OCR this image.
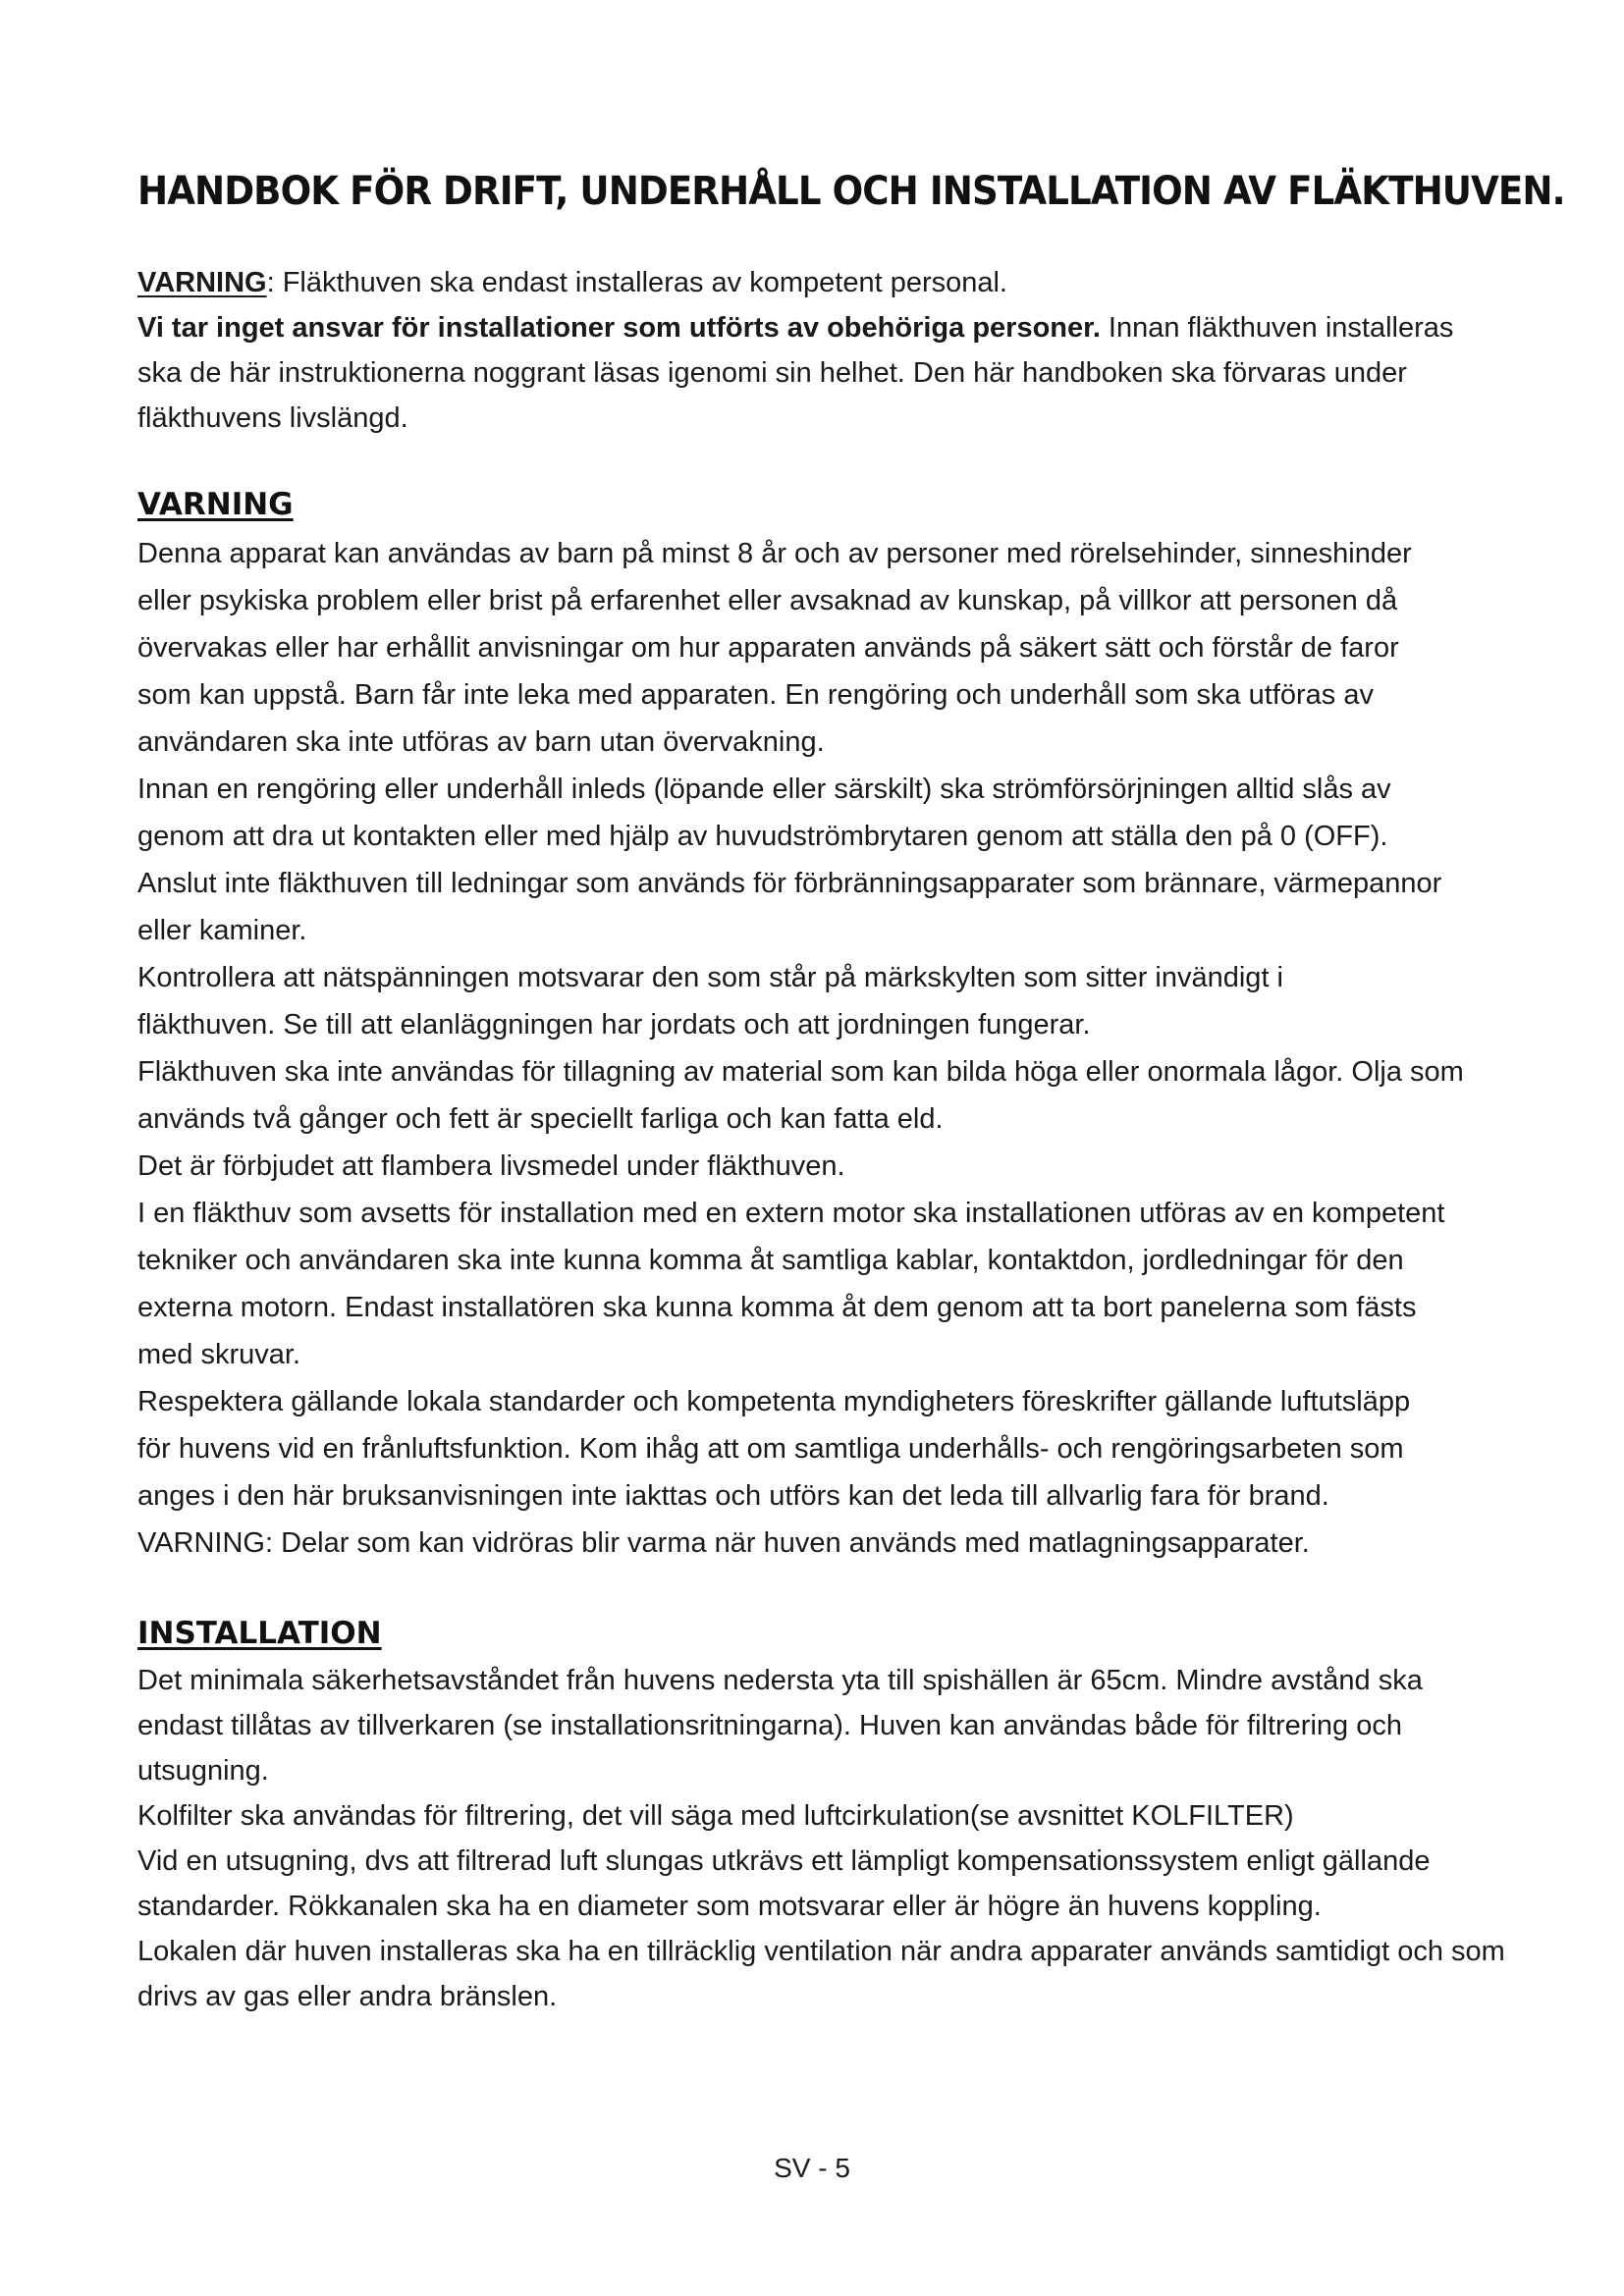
HANDBOK FÖR DRIFT, UNDERHÅLL OCH INSTALLATION AV FLÄKTHUVEN.
VARNING: Fläkthuven ska endast installeras av kompetent personal.
Vi tar inget ansvar för installationer som utförts av obehöriga personer. Innan fläkthuven installeras
ska de här instruktionerna noggrant läsas igenomi sin helhet. Den här handboken ska förvaras under
fläkthuvens livslängd.
VARNING
Denna apparat kan användas av barn på minst 8 år och av personer med rörelsehinder, sinneshinder
eller psykiska problem eller brist på erfarenhet eller avsaknad av kunskap, på villkor att personen då
övervakas eller har erhållit anvisningar om hur apparaten används på säkert sätt och förstår de faror
som kan uppstå. Barn får inte leka med apparaten. En rengöring och underhåll som ska utföras av
användaren ska inte utföras av barn utan övervakning.
Innan en rengöring eller underhåll inleds (löpande eller särskilt) ska strömförsörjningen alltid slås av
genom att dra ut kontakten eller med hjälp av huvudströmbrytaren genom att ställa den på 0 (OFF).
Anslut inte fläkthuven till ledningar som används för förbränningsapparater som brännare, värmepannor
eller kaminer.
Kontrollera att nätspänningen motsvarar den som står på märkskylten som sitter invändigt i
fläkthuven. Se till att elanläggningen har jordats och att jordningen fungerar.
Fläkthuven ska inte användas för tillagning av material som kan bilda höga eller onormala lågor. Olja som
används två gånger och fett är speciellt farliga och kan fatta eld.
Det är förbjudet att flambera livsmedel under fläkthuven.
I en fläkthuv som avsetts för installation med en extern motor ska installationen utföras av en kompetent
tekniker och användaren ska inte kunna komma åt samtliga kablar, kontaktdon, jordledningar för den
externa motorn. Endast installatören ska kunna komma åt dem genom att ta bort panelerna som fästs
med skruvar.
Respektera gällande lokala standarder och kompetenta myndigheters föreskrifter gällande luftutsläpp
för huvens vid en frånluftsfunktion. Kom ihåg att om samtliga underhålls- och rengöringsarbeten som
anges i den här bruksanvisningen inte iakttas och utförs kan det leda till allvarlig fara för brand.
VARNING: Delar som kan vidröras blir varma när huven används med matlagningsapparater.
INSTALLATION
Det minimala säkerhetsavståndet från huvens nedersta yta till spishällen är 65cm. Mindre avstånd ska
endast tillåtas av tillverkaren (se installationsritningarna). Huven kan användas både för filtrering och
utsugning.
Kolfilter ska användas för filtrering, det vill säga med luftcirkulation(se avsnittet KOLFILTER)
Vid en utsugning, dvs att filtrerad luft slungas utkrävs ett lämpligt kompensationssystem enligt gällande
standarder. Rökkanalen ska ha en diameter som motsvarar eller är högre än huvens koppling.
Lokalen där huven installeras ska ha en tillräcklig ventilation när andra apparater används samtidigt och som
drivs av gas eller andra bränslen.
SV - 5
